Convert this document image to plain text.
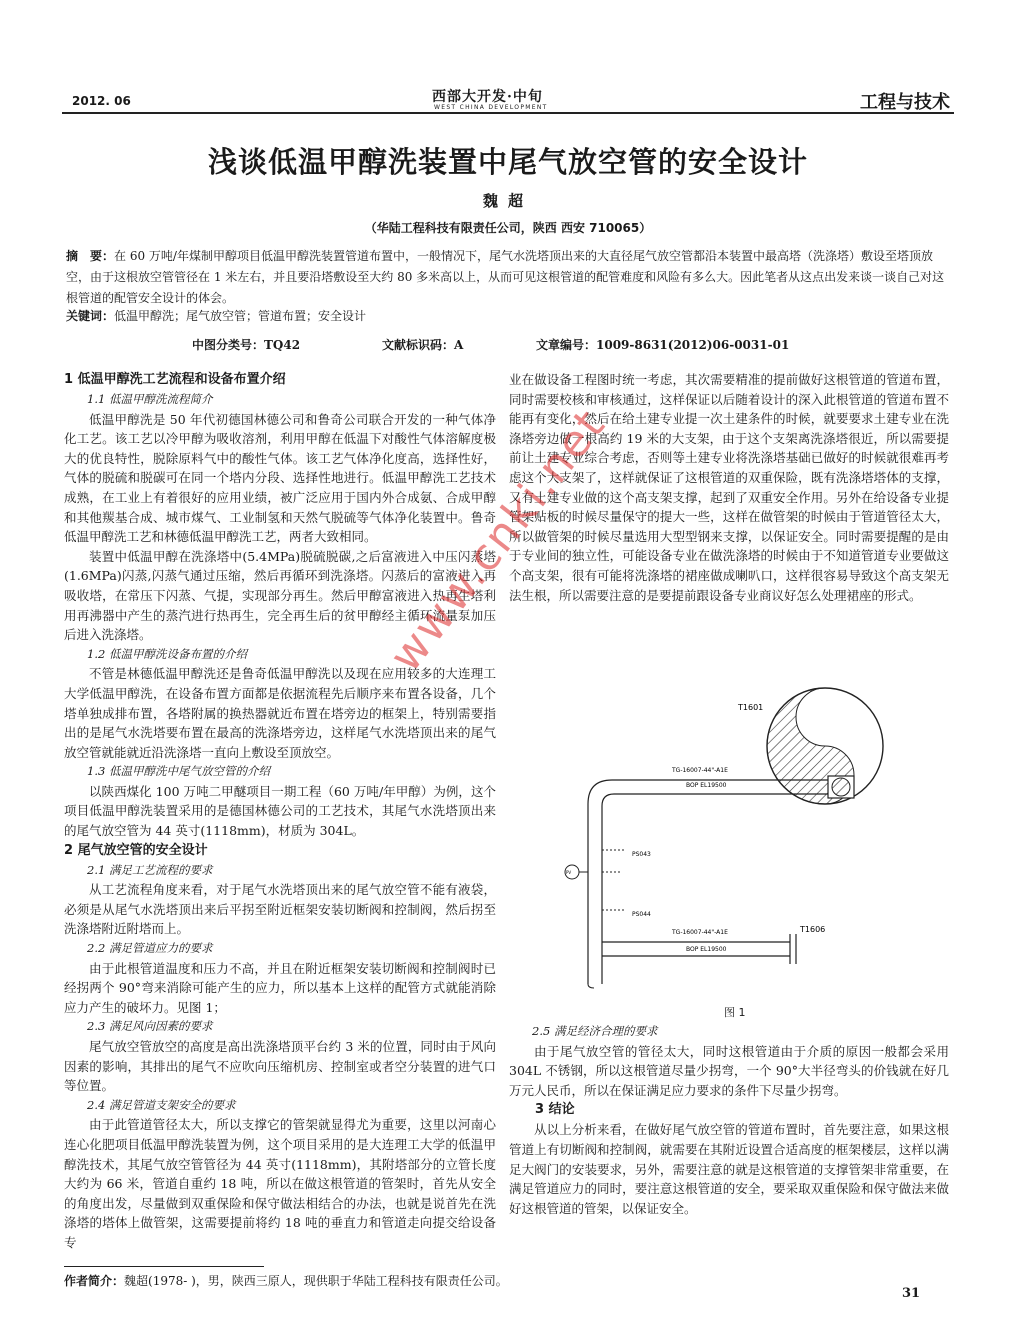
2012. 06	西部大开发·中旬
WEST CHINA DEVELOPMENT	工程与技术
浅谈低温甲醇洗装置中尾气放空管的安全设计
魏超
（华陆工程科技有限责任公司，陕西 西安 710065）
摘　要：在 60 万吨/年煤制甲醇项目低温甲醇洗装置管道布置中，一般情况下，尾气水洗塔顶出来的大直径尾气放空管都沿本装置中最高塔（洗涤塔）敷设至塔顶放空，由于这根放空管管径在 1 米左右，并且要沿塔敷设至大约 80 多米高以上，从而可见这根管道的配管难度和风险有多么大。因此笔者从这点出发来谈一谈自己对这根管道的配管安全设计的体会。
关键词：低温甲醇洗；尾气放空管；管道布置；安全设计
中图分类号：TQ42	文献标识码：A	文章编号：1009-8631(2012)06-0031-01
1 低温甲醇洗工艺流程和设备布置介绍
1.1 低温甲醇洗流程简介

低温甲醇洗是 50 年代初德国林德公司和鲁奇公司联合开发的一种气体净化工艺。该工艺以冷甲醇为吸收溶剂，利用甲醇在低温下对酸性气体溶解度极大的优良特性，脱除原料气中的酸性气体。该工艺气体净化度高，选择性好，气体的脱硫和脱碳可在同一个塔内分段、选择性地进行。低温甲醇洗工艺技术成熟，在工业上有着很好的应用业绩，被广泛应用于国内外合成氨、合成甲醇和其他羰基合成、城市煤气、工业制氢和天然气脱硫等气体净化装置中。鲁奇低温甲醇洗工艺和林德低温甲醇洗工艺，两者大致相同。

装置中低温甲醇在洗涤塔中(5.4MPa)脱硫脱碳,之后富液进入中压闪蒸塔(1.6MPa)闪蒸,闪蒸气通过压缩，然后再循环到洗涤塔。闪蒸后的富液进入再吸收塔，在常压下闪蒸、气提，实现部分再生。然后甲醇富液进入热再生塔利用再沸器中产生的蒸汽进行热再生，完全再生后的贫甲醇经主循环流量泵加压后进入洗涤塔。

1.2 低温甲醇洗设备布置的介绍

不管是林德低温甲醇洗还是鲁奇低温甲醇洗以及现在应用较多的大连理工大学低温甲醇洗，在设备布置方面都是依据流程先后顺序来布置各设备，几个塔单独成排布置，各塔附属的换热器就近布置在塔旁边的框架上，特别需要指出的是尾气水洗塔要布置在最高的洗涤塔旁边，这样尾气水洗塔顶出来的尾气放空管就能就近沿洗涤塔一直向上敷设至顶放空。

1.3 低温甲醇洗中尾气放空管的介绍

以陕西煤化 100 万吨二甲醚项目一期工程（60 万吨/年甲醇）为例，这个项目低温甲醇洗装置采用的是德国林德公司的工艺技术，其尾气水洗塔顶出来的尾气放空管为 44 英寸(1118mm)，材质为 304L。

2 尾气放空管的安全设计
2.1 满足工艺流程的要求

从工艺流程角度来看，对于尾气水洗塔顶出来的尾气放空管不能有液袋，必须是从尾气水洗塔顶出来后平拐至附近框架安装切断阀和控制阀，然后拐至洗涤塔附近附塔而上。

2.2 满足管道应力的要求

由于此根管道温度和压力不高，并且在附近框架安装切断阀和控制阀时已经拐两个 90°弯来消除可能产生的应力，所以基本上这样的配管方式就能消除应力产生的破坏力。见图 1；

2.3 满足风向因素的要求

尾气放空管放空的高度是高出洗涤塔顶平台约 3 米的位置，同时由于风向因素的影响，其排出的尾气不应吹向压缩机房、控制室或者空分装置的进气口等位置。

2.4 满足管道支架安全的要求

由于此管道管径太大，所以支撑它的管架就显得尤为重要，这里以河南心连心化肥项目低温甲醇洗装置为例，这个项目采用的是大连理工大学的低温甲醇洗技术，其尾气放空管管径为 44 英寸(1118mm)，其附塔部分的立管长度大约为 66 米，管道自重约 18 吨，所以在做这根管道的管架时，首先从安全的角度出发，尽量做到双重保险和保守做法相结合的办法，也就是说首先在洗涤塔的塔体上做管架，这需要提前将约 18 吨的垂直力和管道走向提交给设备专

业在做设备工程图时统一考虑，其次需要精准的提前做好这根管道的管道布置，同时需要校核和审核通过，这样保证以后随着设计的深入此根管道的管道布置不能再有变化，然后在给土建专业提一次土建条件的时候，就要要求土建专业在洗涤塔旁边做一根高约 19 米的大支架，由于这个支架离洗涤塔很近，所以需要提前让土建专业综合考虑，否则等土建专业将洗涤塔基础已做好的时候就很难再考虑这个大支架了，这样就保证了这根管道的双重保险，既有洗涤塔塔体的支撑，又有土建专业做的这个高支架支撑，起到了双重安全作用。另外在给设备专业提管架贴板的时候尽量保守的提大一些，这样在做管架的时候由于管道管径太大，所以做管架的时候尽量选用大型型钢来支撑，以保证安全。同时需要提醒的是由于专业间的独立性，可能设备专业在做洗涤塔的时候由于不知道管道专业要做这个高支架，很有可能将洗涤塔的裙座做成喇叭口，这样很容易导致这个高支架无法生根，所以需要注意的是要提前跟设备专业商议好怎么处理裙座的形式。

T1601
TG-16007-44"-A1E
BOP EL19500
TG-16007-44"-A1E
BOP EL19500
T1606
PS043
PS044
PV
图 1
2.5 满足经济合理的要求

由于尾气放空管的管径太大，同时这根管道由于介质的原因一般都会采用 304L 不锈钢，所以这根管道尽量少拐弯，一个 90°大半径弯头的价钱就在好几万元人民币，所以在保证满足应力要求的条件下尽量少拐弯。

3 结论

从以上分析来看，在做好尾气放空管的管道布置时，首先要注意，如果这根管道上有切断阀和控制阀，就需要在其附近设置合适高度的框架楼层，这样以满足大阀门的安装要求，另外，需要注意的就是这根管道的支撑管架非常重要，在满足管道应力的同时，要注意这根管道的安全，要采取双重保险和保守做法来做好这根管道的管架，以保证安全。

www.cnki.net
作者简介：魏超(1978- )，男，陕西三原人，现供职于华陆工程科技有限责任公司。
31
